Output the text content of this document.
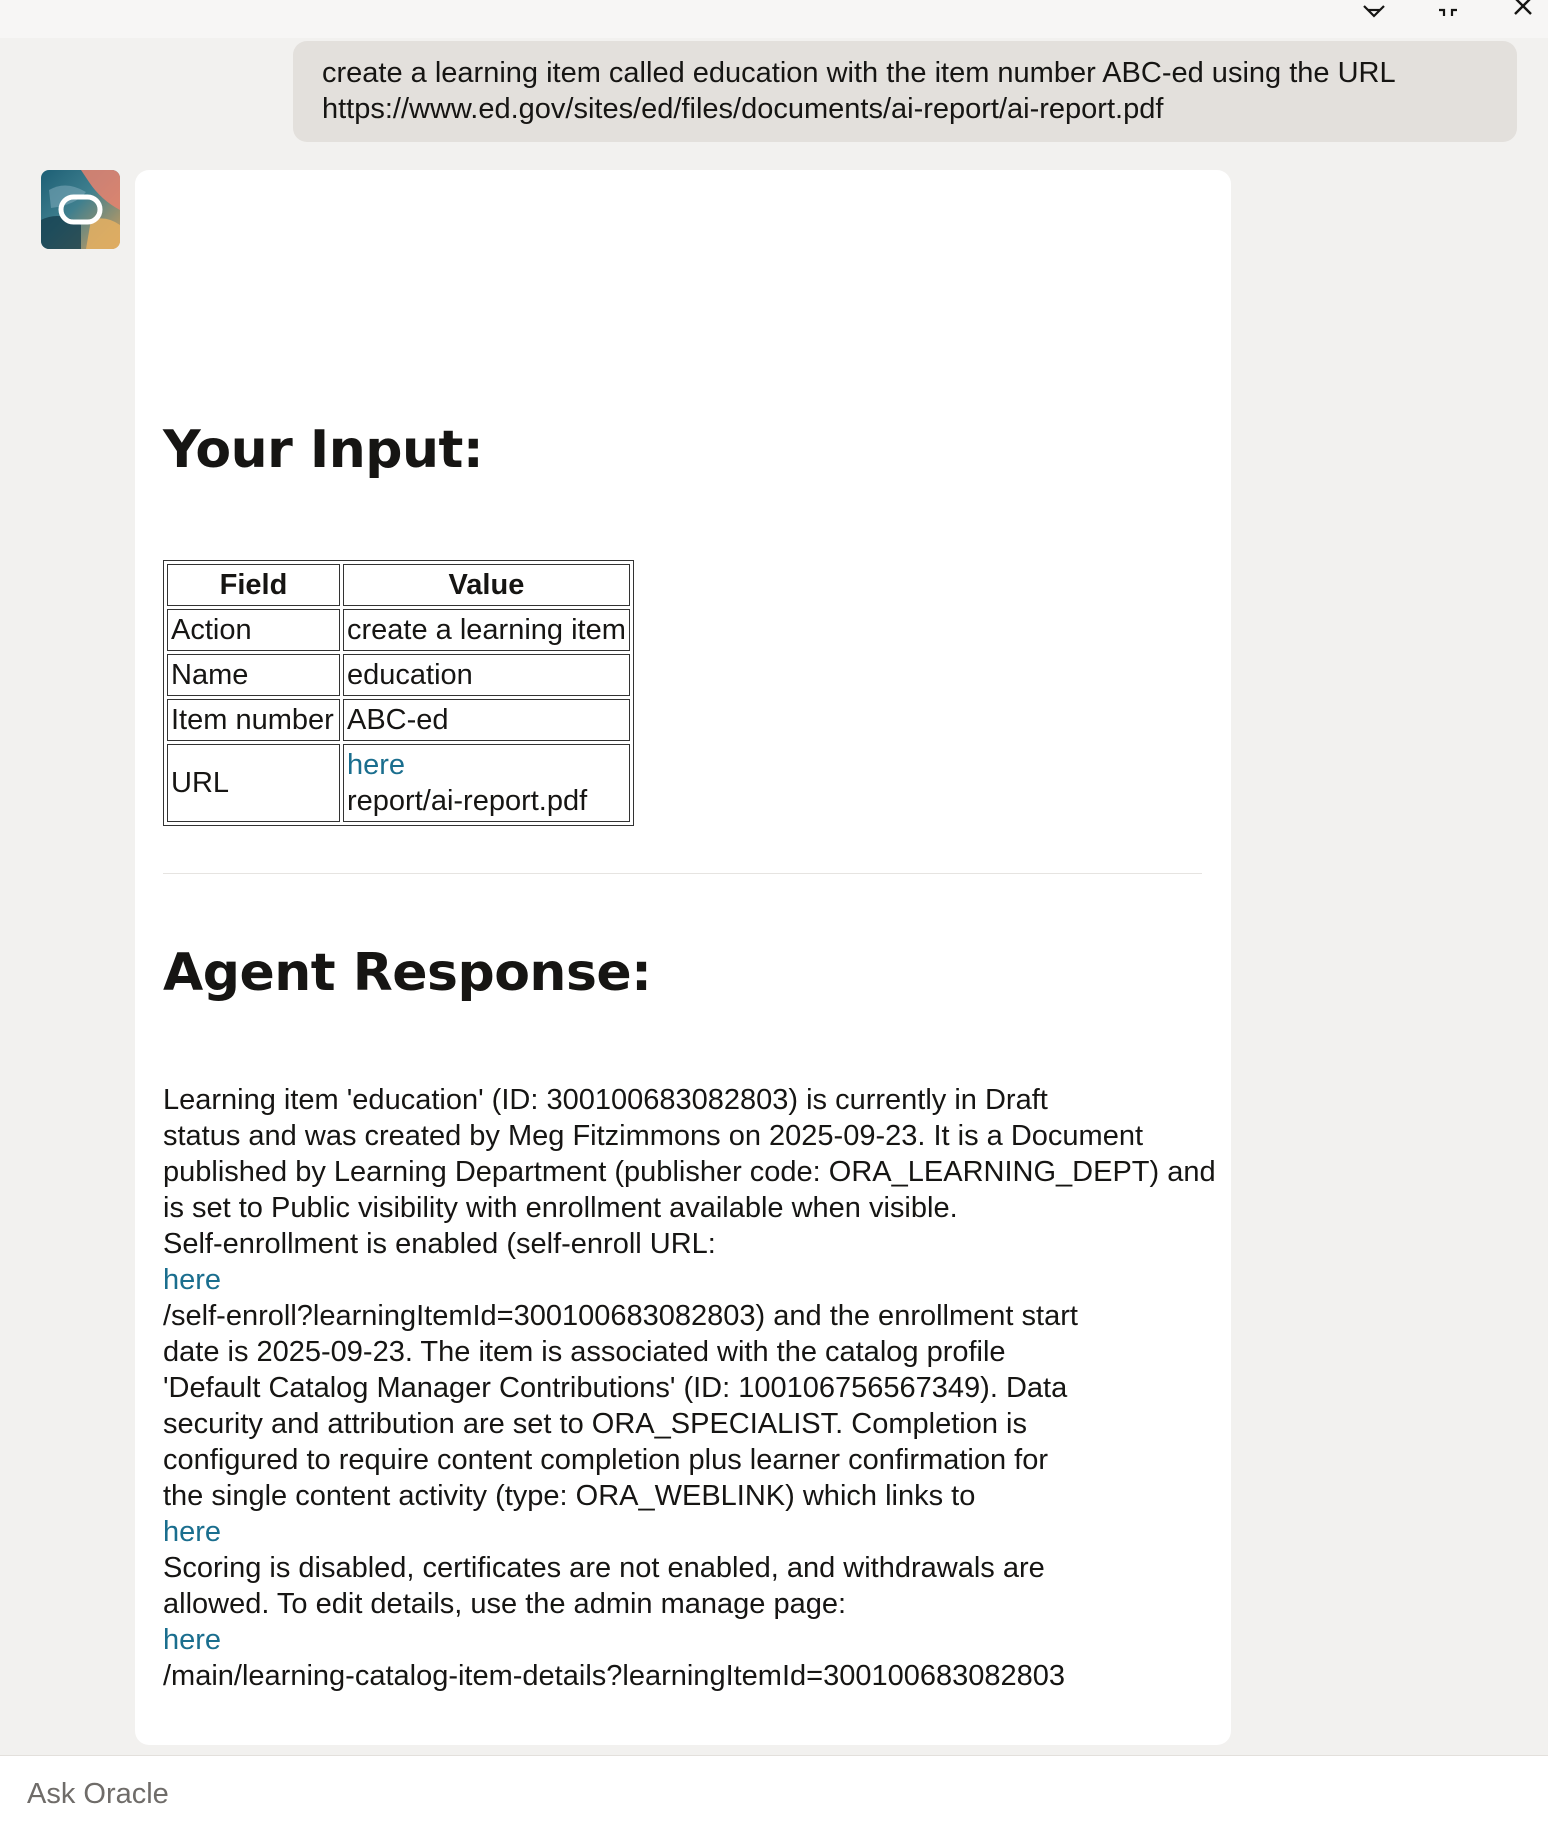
create a learning item called education with the item number ABC-ed using the URL
https://www.ed.gov/sites/ed/files/documents/ai-report/ai-report.pdf
Your Input:
Field	Value
Action	create a learning item
Name	education
Item number	ABC-ed
URL	here
report/ai-report.pdf
Agent Response:
Learning item 'education' (ID: 300100683082803) is currently in Draft
status and was created by Meg Fitzimmons on 2025-09-23. It is a Document
published by Learning Department (publisher code: ORA_LEARNING_DEPT) and
is set to Public visibility with enrollment available when visible.
Self-enrollment is enabled (self-enroll URL:
here
/self-enroll?learningItemId=300100683082803) and the enrollment start
date is 2025-09-23. The item is associated with the catalog profile
'Default Catalog Manager Contributions' (ID: 100106756567349). Data
security and attribution are set to ORA_SPECIALIST. Completion is
configured to require content completion plus learner confirmation for
the single content activity (type: ORA_WEBLINK) which links to
here
Scoring is disabled, certificates are not enabled, and withdrawals are
allowed. To edit details, use the admin manage page:
here
/main/learning-catalog-item-details?learningItemId=300100683082803
Ask Oracle
